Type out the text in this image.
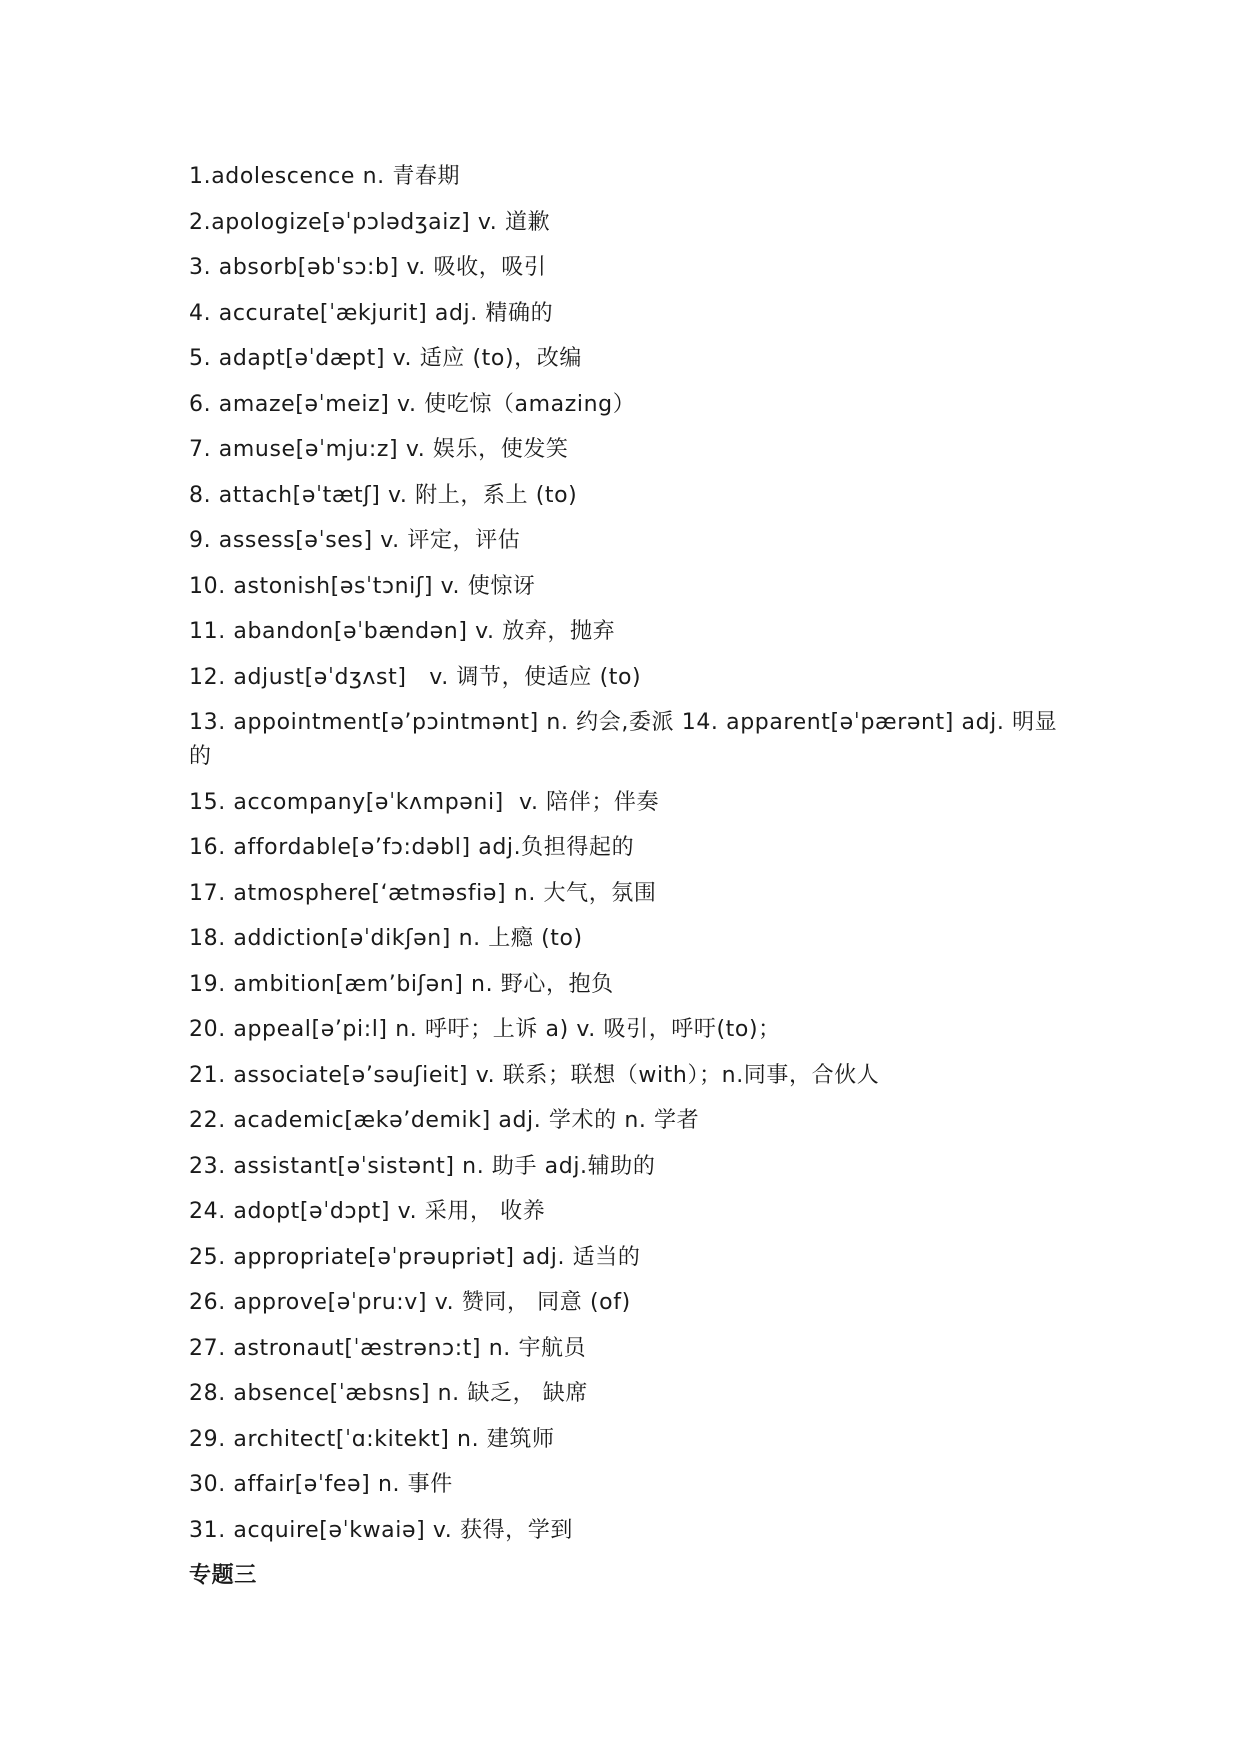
1.adolescence n. 青春期
2.apologize[əˈpɔlədʒaiz] v. 道歉
3. absorb[əbˈsɔ:b] v. 吸收，吸引
4. accurate[ˈækjurit] adj. 精确的
5. adapt[əˈdæpt] v. 适应 (to)，改编
6. amaze[əˈmeiz] v. 使吃惊（amazing）
7. amuse[əˈmju:z] v. 娱乐，使发笑
8. attach[əˈtætʃ] v. 附上，系上 (to)
9. assess[əˈses] v. 评定，评估
10. astonish[əsˈtɔniʃ] v. 使惊讶
11. abandon[əˈbændən] v. 放弃，抛弃
12. adjust[əˈdʒʌst]   v. 调节，使适应 (to)
13. appointment[ə’pɔintmənt] n. 约会,委派 14. apparent[əˈpærənt] adj. 明显的
15. accompany[əˈkʌmpəni]  v. 陪伴；伴奏
16. affordable[ə’fɔ:dəbl] adj.负担得起的
17. atmosphere[‘ætməsfiə] n. 大气，氛围
18. addiction[əˈdikʃən] n. 上瘾 (to)
19. ambition[æm’biʃən] n. 野心，抱负
20. appeal[ə’pi:l] n. 呼吁；上诉 a) v. 吸引，呼吁(to)；
21. associate[ə’səuʃieit] v. 联系；联想（with）；n.同事，合伙人
22. academic[ækə’demik] adj. 学术的 n. 学者
23. assistant[əˈsistənt] n. 助手 adj.辅助的
24. adopt[əˈdɔpt] v. 采用， 收养
25. appropriate[əˈprəupriət] adj. 适当的
26. approve[əˈpru:v] v. 赞同， 同意 (of)
27. astronaut[ˈæstrənɔ:t] n. 宇航员
28. absence[ˈæbsns] n. 缺乏， 缺席
29. architect[ˈɑ:kitekt] n. 建筑师
30. affair[əˈfeə] n. 事件
31. acquire[əˈkwaiə] v. 获得，学到
专题三
